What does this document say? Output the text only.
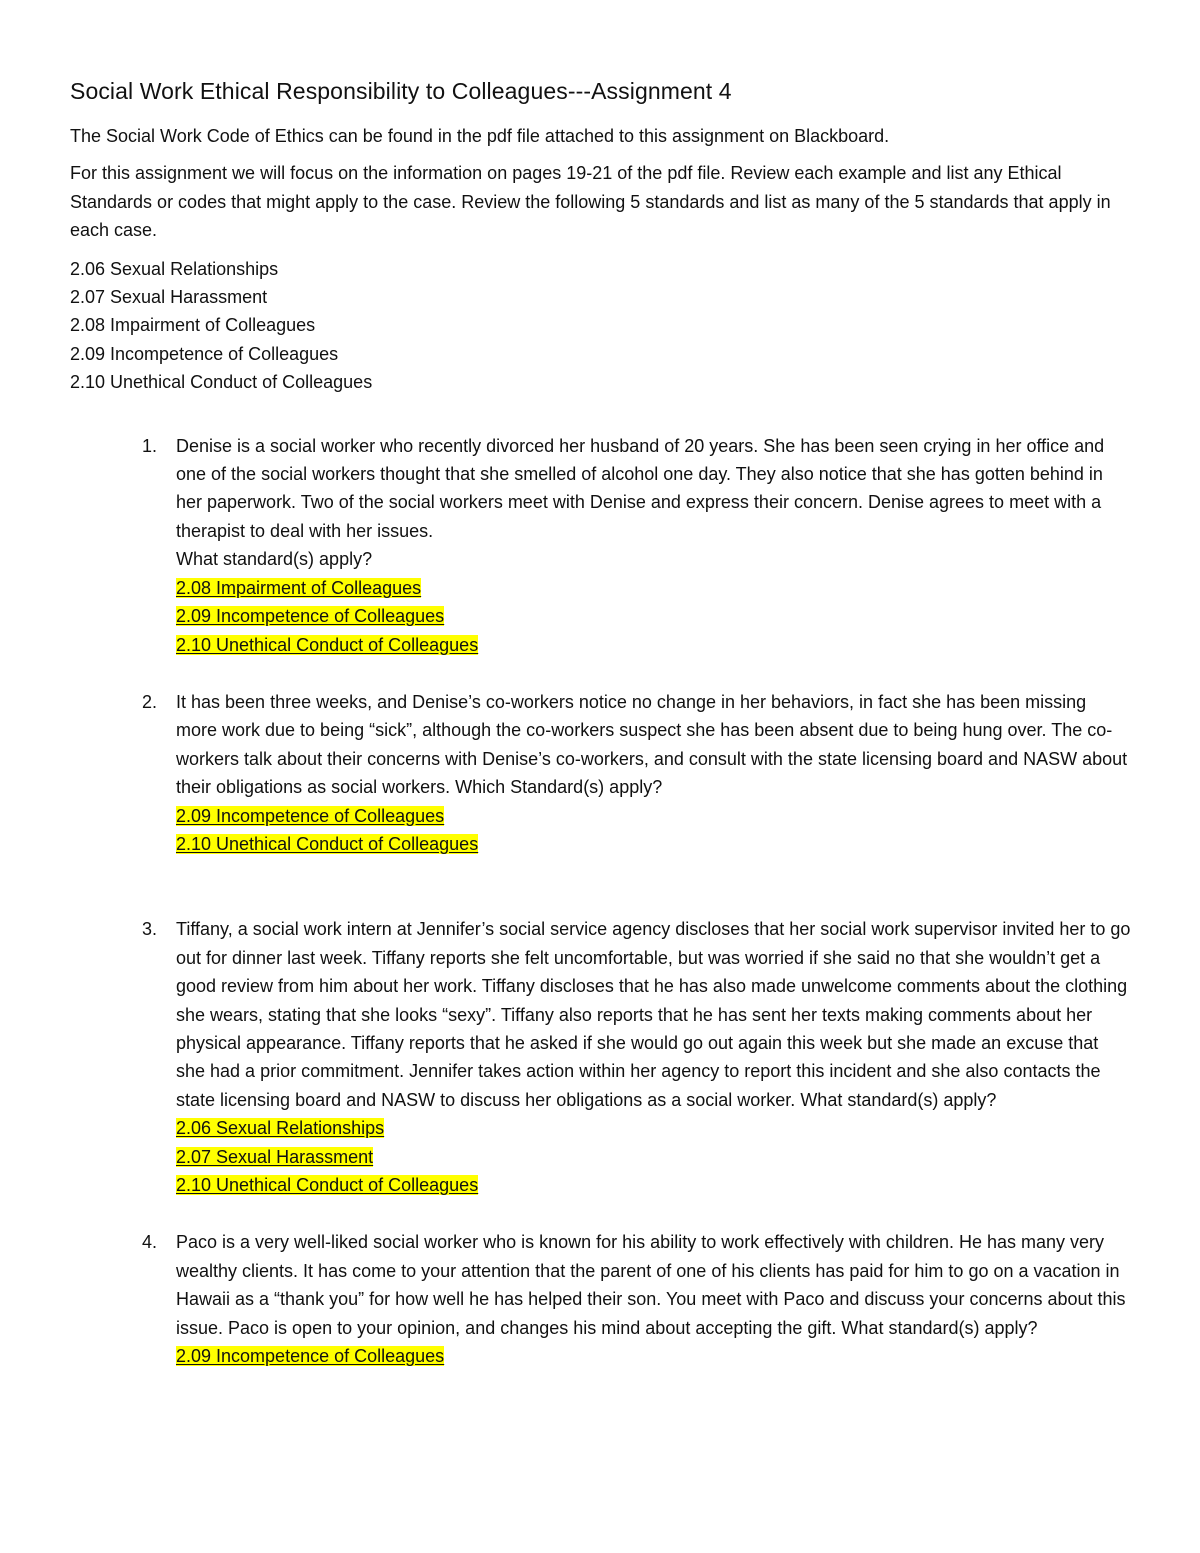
Social Work Ethical Responsibility to Colleagues---Assignment 4

The Social Work Code of Ethics can be found in the pdf file attached to this assignment on Blackboard.

For this assignment we will focus on the information on pages 19-21 of the pdf file. Review each example and list any Ethical Standards or codes that might apply to the case. Review the following 5 standards and list as many of the 5 standards that apply in each case.

2.06 Sexual Relationships
2.07 Sexual Harassment
2.08 Impairment of Colleagues
2.09 Incompetence of Colleagues
2.10 Unethical Conduct of Colleagues
1. Denise is a social worker who recently divorced her husband of 20 years. She has been seen crying in her office and one of the social workers thought that she smelled of alcohol one day. They also notice that she has gotten behind in her paperwork. Two of the social workers meet with Denise and express their concern. Denise agrees to meet with a therapist to deal with her issues.

What standard(s) apply?

2.08 Impairment of Colleagues
2.09 Incompetence of Colleagues
2.10 Unethical Conduct of Colleagues
2. It has been three weeks, and Denise’s co-workers notice no change in her behaviors, in fact she has been missing more work due to being “sick”, although the co-workers suspect she has been absent due to being hung over. The co-workers talk about their concerns with Denise’s co-workers, and consult with the state licensing board and NASW about their obligations as social workers. Which Standard(s) apply?

2.09 Incompetence of Colleagues
2.10 Unethical Conduct of Colleagues
3. Tiffany, a social work intern at Jennifer’s social service agency discloses that her social work supervisor invited her to go out for dinner last week. Tiffany reports she felt uncomfortable, but was worried if she said no that she wouldn’t get a good review from him about her work. Tiffany discloses that he has also made unwelcome comments about the clothing she wears, stating that she looks “sexy”. Tiffany also reports that he has sent her texts making comments about her physical appearance. Tiffany reports that he asked if she would go out again this week but she made an excuse that she had a prior commitment. Jennifer takes action within her agency to report this incident and she also contacts the state licensing board and NASW to discuss her obligations as a social worker. What standard(s) apply?

2.06 Sexual Relationships
2.07 Sexual Harassment
2.10 Unethical Conduct of Colleagues
4. Paco is a very well-liked social worker who is known for his ability to work effectively with children. He has many very wealthy clients. It has come to your attention that the parent of one of his clients has paid for him to go on a vacation in Hawaii as a “thank you” for how well he has helped their son. You meet with Paco and discuss your concerns about this issue. Paco is open to your opinion, and changes his mind about accepting the gift. What standard(s) apply?

2.09 Incompetence of Colleagues
